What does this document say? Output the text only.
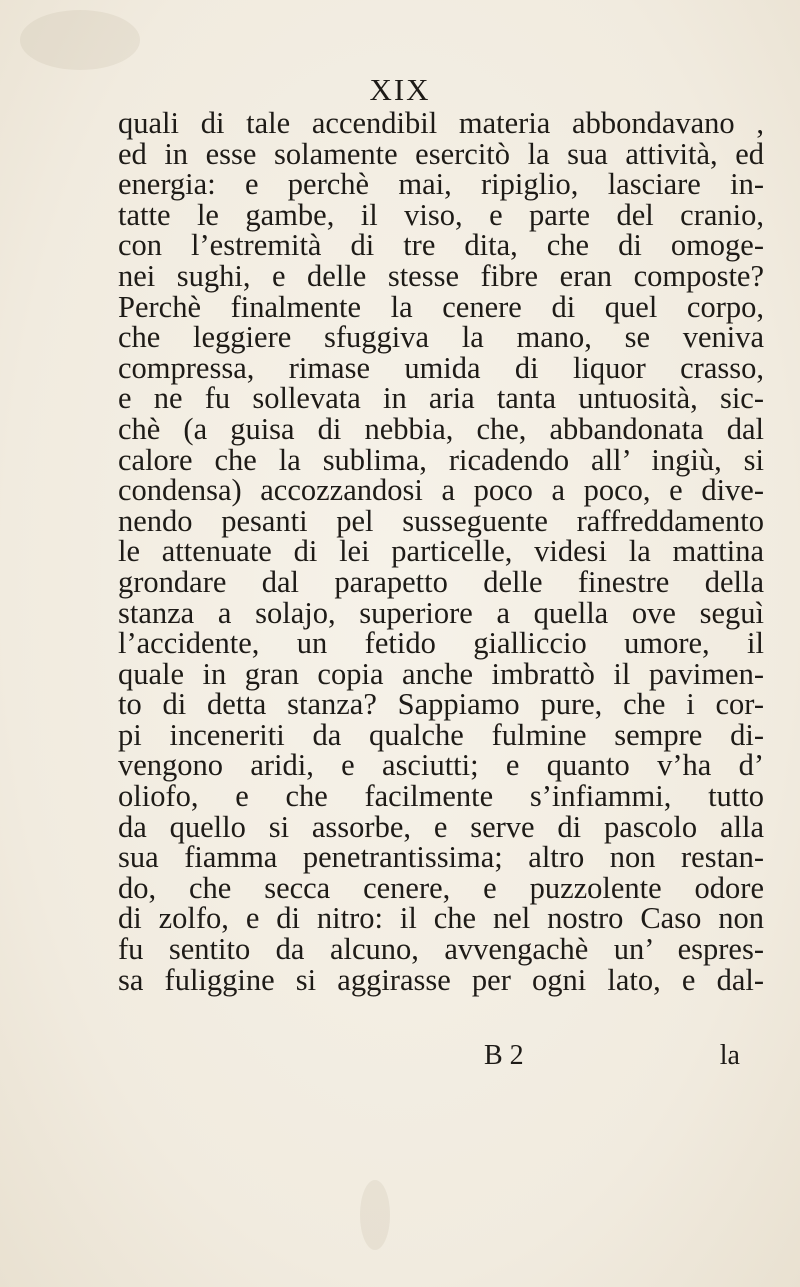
XIX
quali di tale accendibil materia abbondavano ,
ed in esse solamente esercitò la sua attività, ed
energia: e perchè mai, ripiglio, lasciare in-
tatte le gambe, il viso, e parte del cranio,
con l’estremità di tre dita, che di omoge-
nei sughi, e delle stesse fibre eran composte?
Perchè finalmente la cenere di quel corpo,
che leggiere sfuggiva la mano, se veniva
compressa, rimase umida di liquor crasso,
e ne fu sollevata in aria tanta untuosità, sic-
chè (a guisa di nebbia, che, abbandonata dal
calore che la sublima, ricadendo all’ ingiù, si
condensa) accozzandosi a poco a poco, e dive-
nendo pesanti pel susseguente raffreddamento
le attenuate di lei particelle, videsi la mattina
grondare dal parapetto delle finestre della
stanza a solajo, superiore a quella ove seguì
l’accidente, un fetido gialliccio umore, il
quale in gran copia anche imbrattò il pavimen-
to di detta stanza? Sappiamo pure, che i cor-
pi inceneriti da qualche fulmine sempre di-
vengono aridi, e asciutti; e quanto v’ha d’
oliofo, e che facilmente s’infiammi, tutto
da quello si assorbe, e serve di pascolo alla
sua fiamma penetrantissima; altro non restan-
do, che secca cenere, e puzzolente odore
di zolfo, e di nitro: il che nel nostro Caso non
fu sentito da alcuno, avvengachè un’ espres-
sa fuliggine si aggirasse per ogni lato, e dal-
B 2	la
